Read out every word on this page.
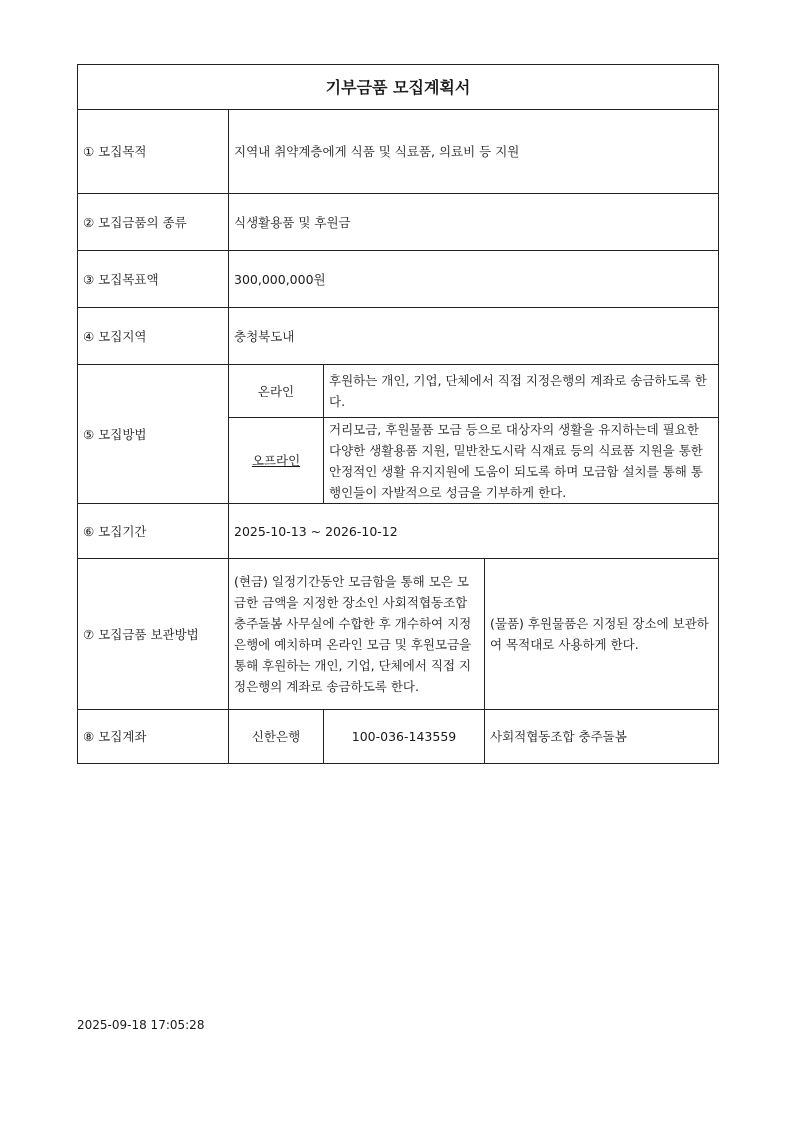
기부금품 모집계획서			
① 모집목적	지역내 취약계층에게 식품 및 식료품, 의료비 등 지원		
② 모집금품의 종류	식생활용품 및 후원금		
③ 모집목표액	300,000,000원		
④ 모집지역	충청북도내		
⑤ 모집방법	온라인	후원하는 개인, 기업, 단체에서 직접 지정은행의 계좌로 송금하도록 한다.	
	오프라인	거리모금, 후원물품 모금 등으로 대상자의 생활을 유지하는데 필요한 다양한 생활용품 지원, 밑반찬도시락 식재료 등의 식료품 지원을 통한 안정적인 생활 유지지원에 도움이 되도록 하며 모금함 설치를 통해 통행인들이 자발적으로 성금을 기부하게 한다.	
⑥ 모집기간	2025-10-13 ~ 2026-10-12		
⑦ 모집금품 보관방법	(현금) 일정기간동안 모금함을 통해 모은 모금한 금액을 지정한 장소인 사회적협동조합 충주돌봄 사무실에 수합한 후 개수하여 지정은행에 예치하며 온라인 모금 및 후원모금을 통해 후원하는 개인, 기업, 단체에서 직접 지정은행의 계좌로 송금하도록 한다.		(물품) 후원물품은 지정된 장소에 보관하여 목적대로 사용하게 한다.
⑧ 모집계좌	신한은행	100-036-143559	사회적협동조합 충주돌봄
2025-09-18 17:05:28
